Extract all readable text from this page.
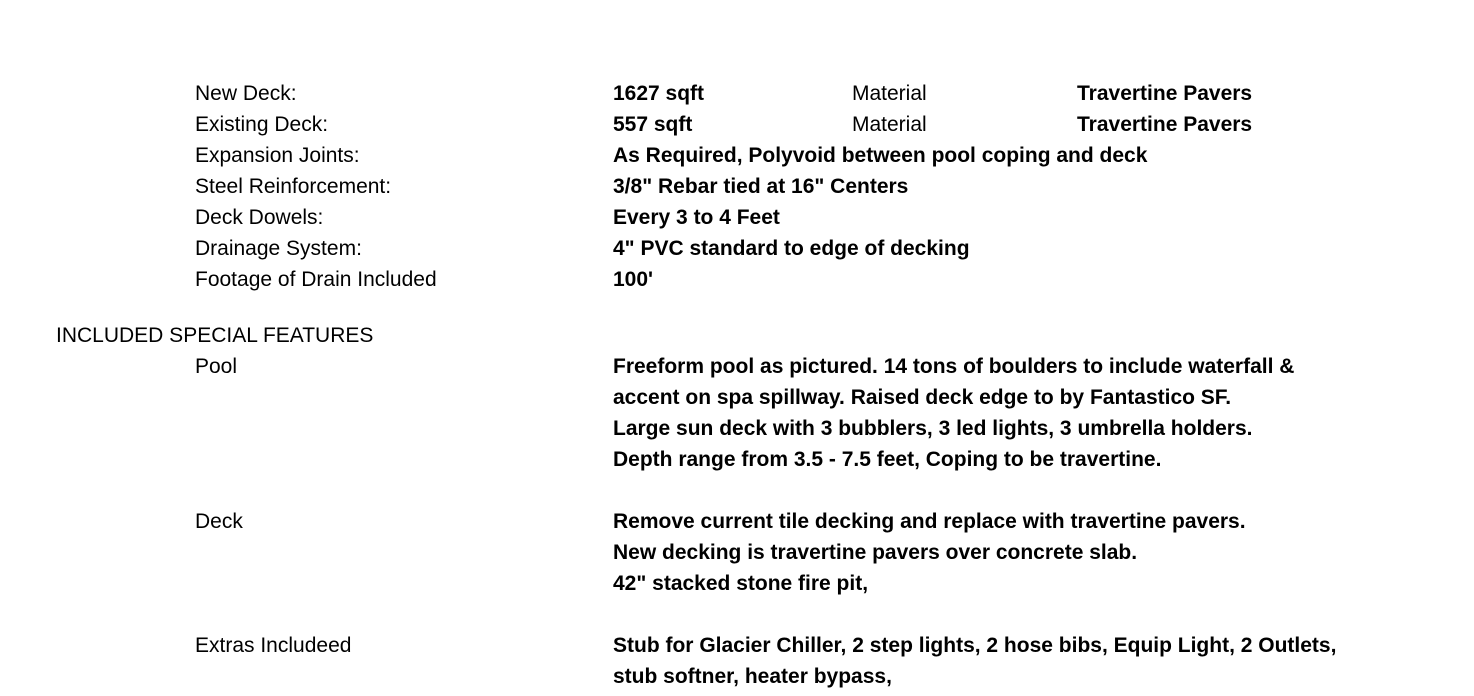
New Deck:	1627 sqft	Material	Travertine Pavers
Existing Deck:	557 sqft	Material	Travertine Pavers
Expansion Joints:	As Required, Polyvoid between pool coping and deck
Steel Reinforcement:	3/8" Rebar tied at 16" Centers
Deck Dowels:	Every 3 to 4 Feet
Drainage System:	4" PVC standard to edge of decking
Footage of Drain Included	100'
INCLUDED SPECIAL FEATURES
Pool	Freeform pool as pictured. 14 tons of boulders to include waterfall &
accent on spa spillway. Raised deck edge to by Fantastico SF.
Large sun deck with 3 bubblers, 3 led lights, 3 umbrella holders.
Depth range from 3.5 - 7.5 feet, Coping to be travertine.
Deck	Remove current tile decking and replace with travertine pavers.
New decking is travertine pavers over concrete slab.
42" stacked stone fire pit,
Extras Includeed	Stub for Glacier Chiller, 2 step lights, 2 hose bibs, Equip Light, 2 Outlets,
stub softner, heater bypass,
